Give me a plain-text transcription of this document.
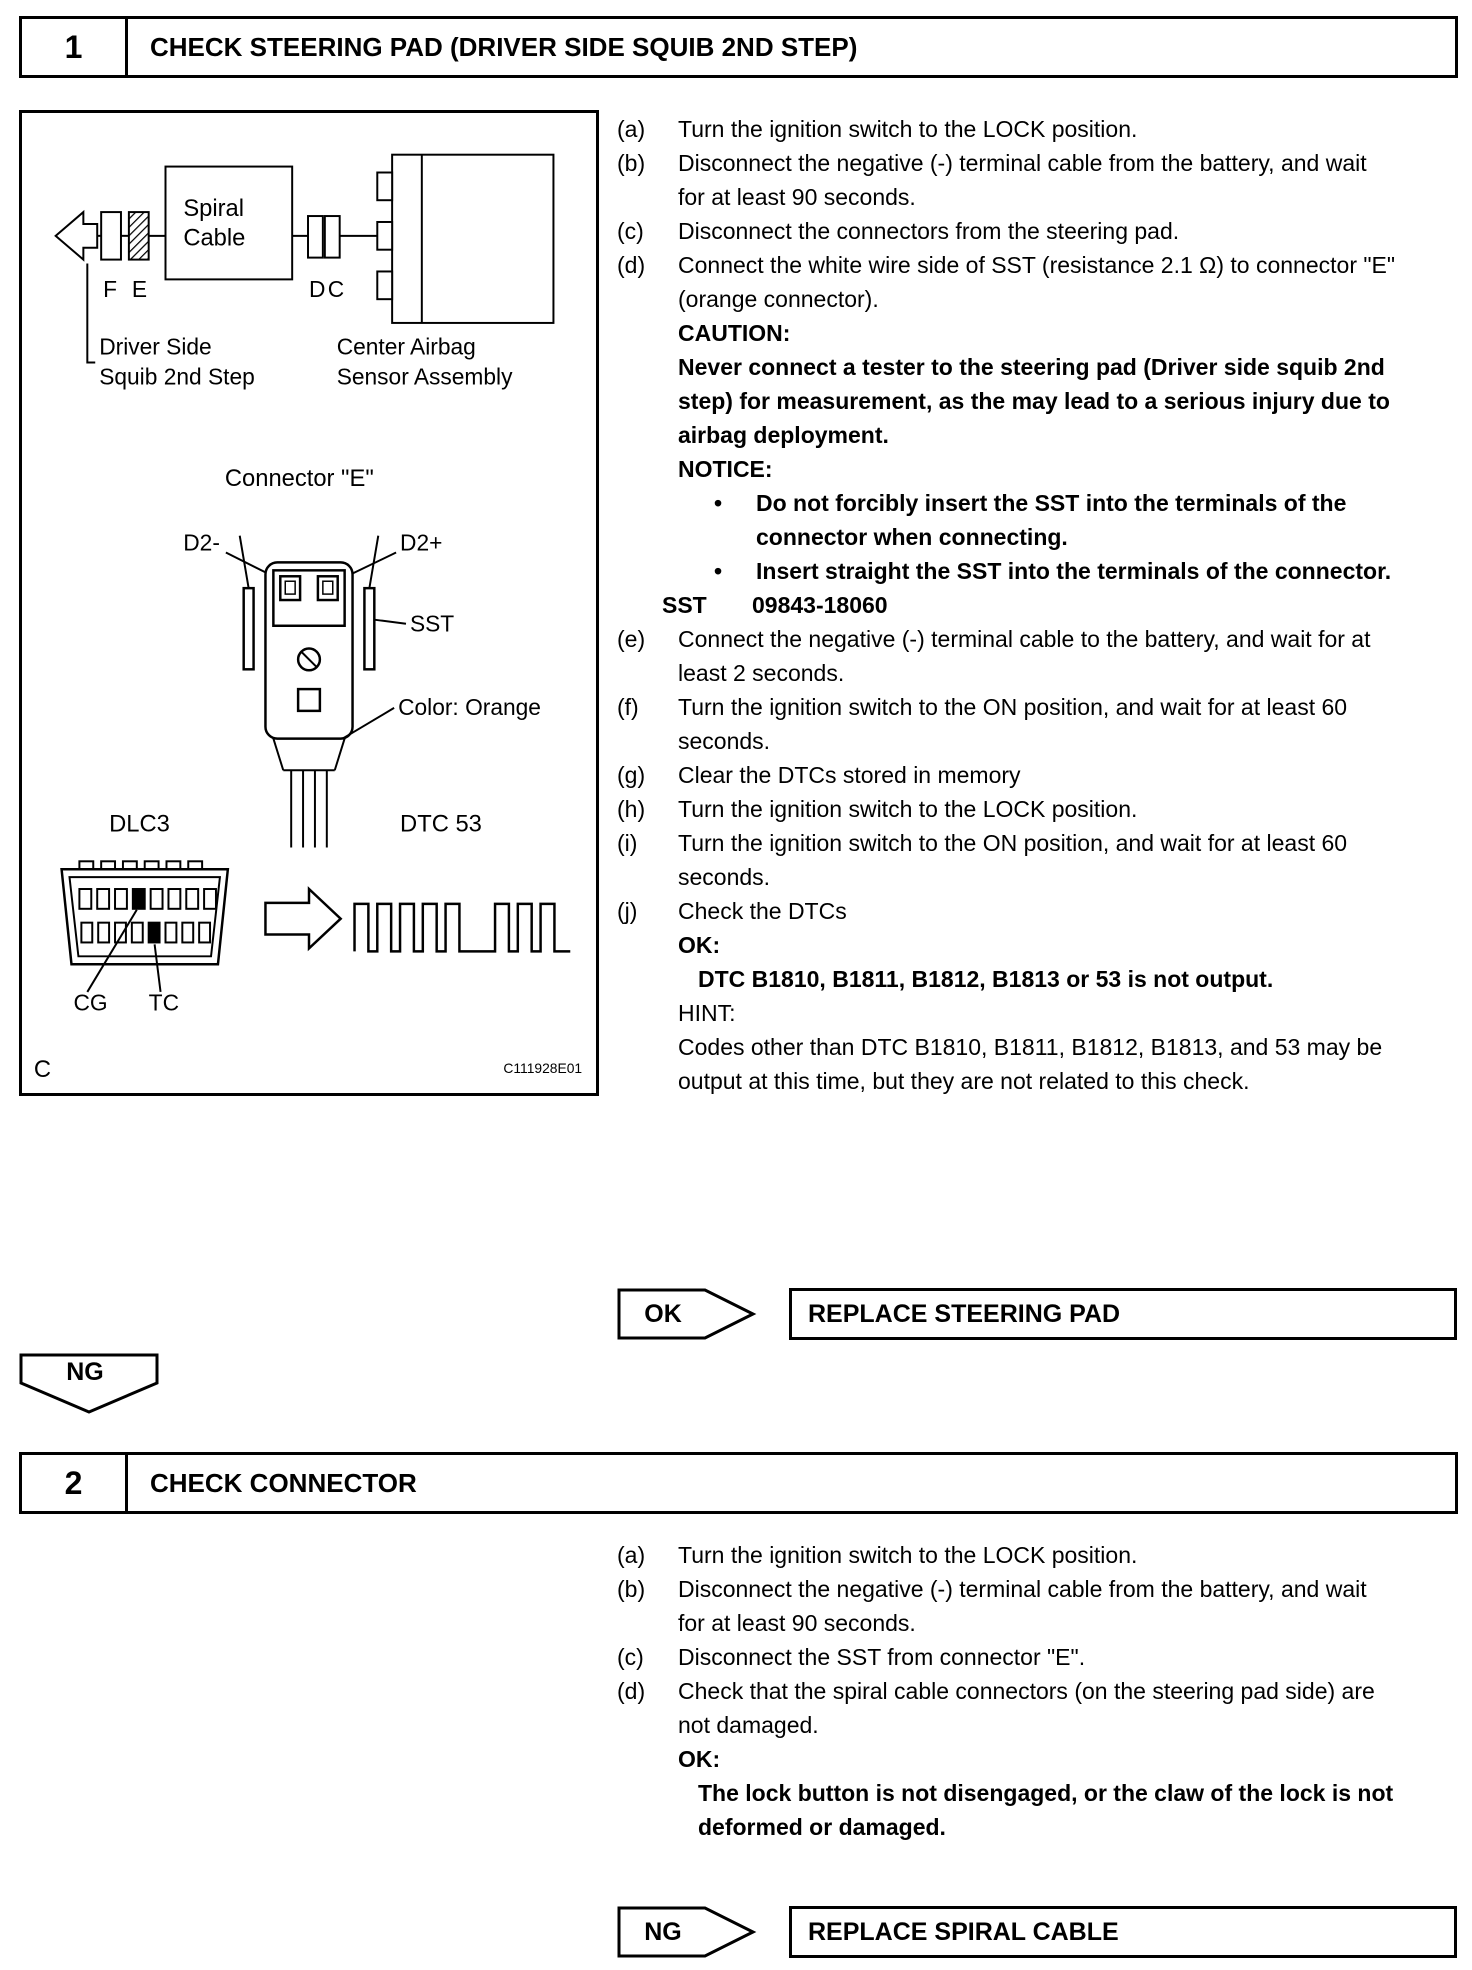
1	CHECK STEERING PAD (DRIVER SIDE SQUIB 2ND STEP)
Spiral
Cable
F E	D C
Driver Side
Squib 2nd Step
Center Airbag
Sensor Assembly
Connector "E"
D2-	D2+
SST
Color: Orange
DLC3	DTC 53
CG TC
C	C111928E01
(a)	Turn the ignition switch to the LOCK position.
(b)	Disconnect the negative (-) terminal cable from the battery, and wait for at least 90 seconds.
(c)	Disconnect the connectors from the steering pad.
(d)	Connect the white wire side of SST (resistance 2.1 Ω) to connector "E" (orange connector).
CAUTION:
Never connect a tester to the steering pad (Driver side squib 2nd step) for measurement, as the may lead to a serious injury due to airbag deployment.
NOTICE:
• Do not forcibly insert the SST into the terminals of the connector when connecting.
• Insert straight the SST into the terminals of the connector.
SST	09843-18060
(e)	Connect the negative (-) terminal cable to the battery, and wait for at least 2 seconds.
(f)	Turn the ignition switch to the ON position, and wait for at least 60 seconds.
(g)	Clear the DTCs stored in memory
(h)	Turn the ignition switch to the LOCK position.
(i)	Turn the ignition switch to the ON position, and wait for at least 60 seconds.
(j)	Check the DTCs
OK:
DTC B1810, B1811, B1812, B1813 or 53 is not output.
HINT:
Codes other than DTC B1810, B1811, B1812, B1813, and 53 may be output at this time, but they are not related to this check.
OK	REPLACE STEERING PAD
NG
2	CHECK CONNECTOR
(a)	Turn the ignition switch to the LOCK position.
(b)	Disconnect the negative (-) terminal cable from the battery, and wait for at least 90 seconds.
(c)	Disconnect the SST from connector "E".
(d)	Check that the spiral cable connectors (on the steering pad side) are not damaged.
OK:
The lock button is not disengaged, or the claw of the lock is not deformed or damaged.
NG	REPLACE SPIRAL CABLE
